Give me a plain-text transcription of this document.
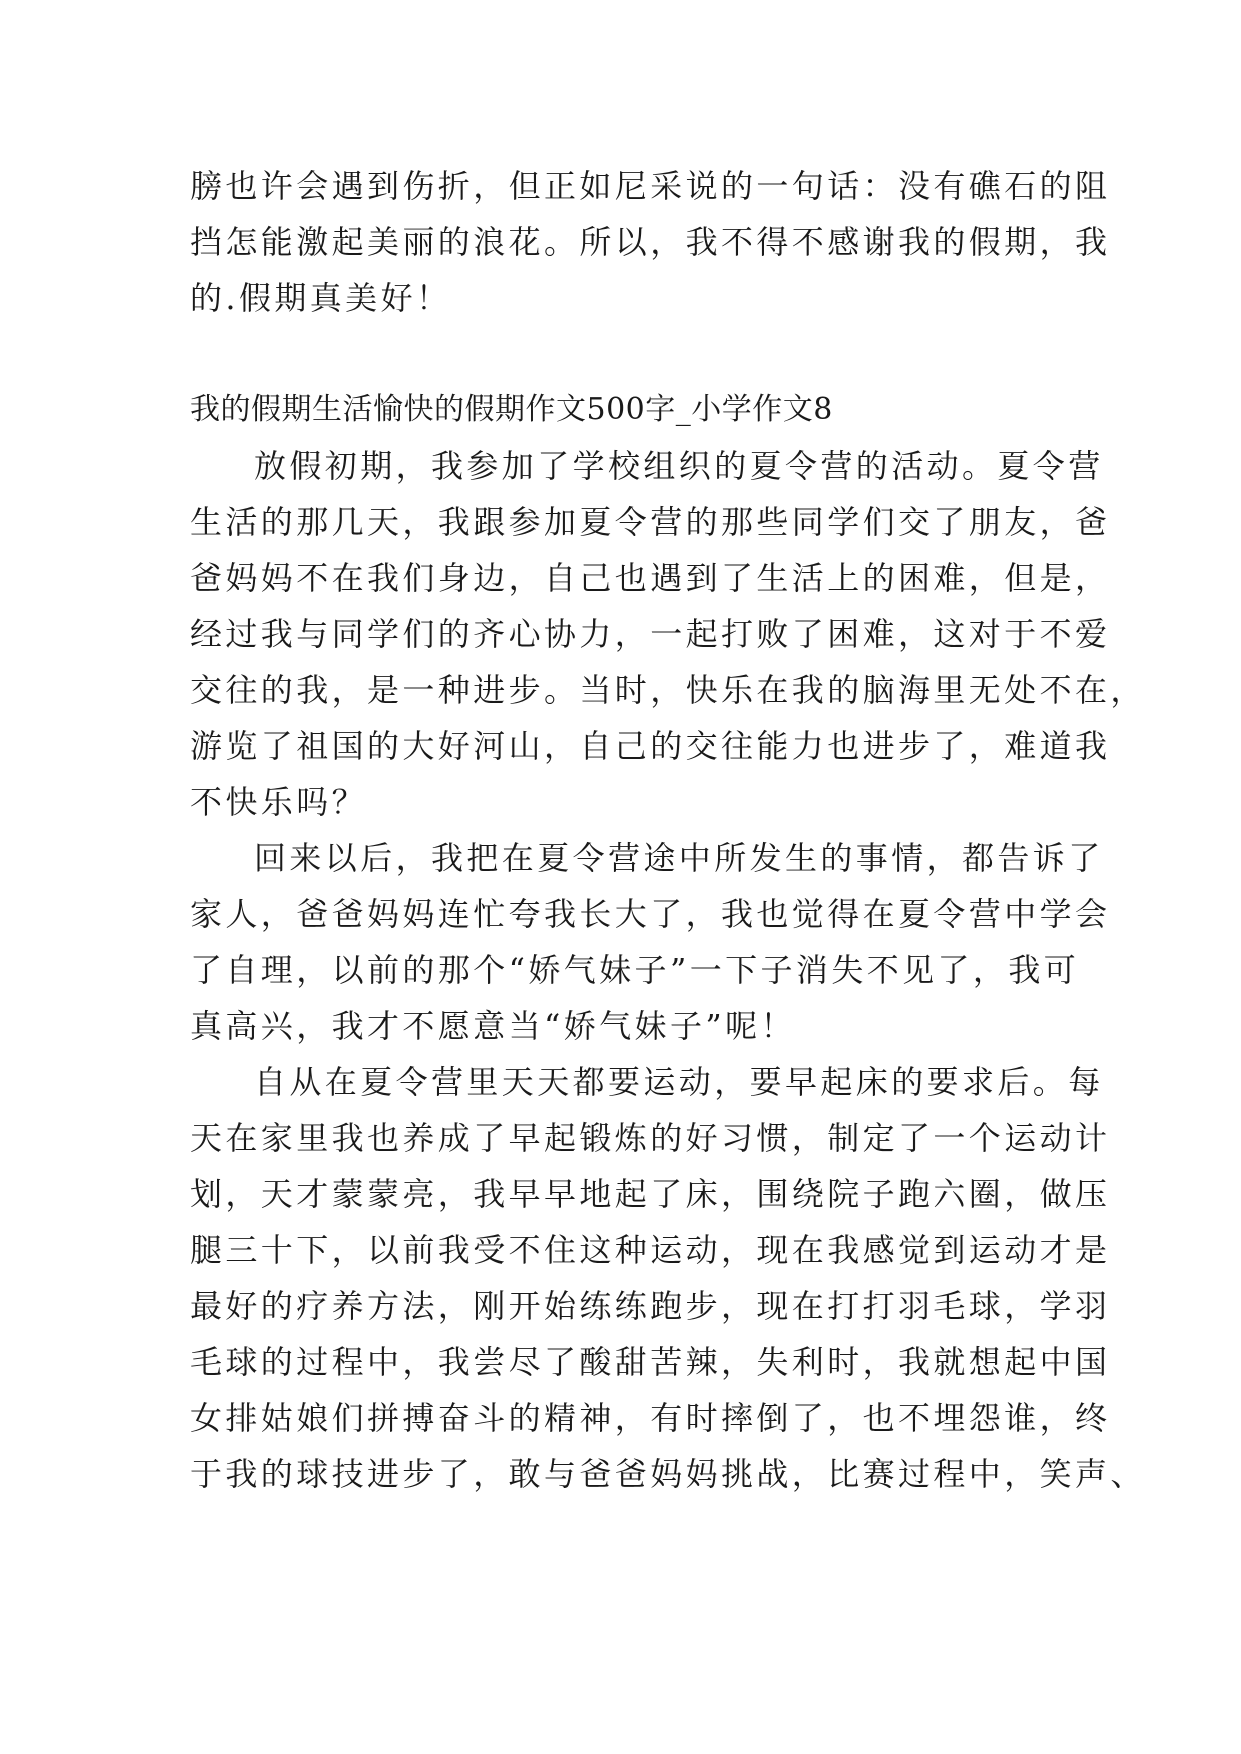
膀也许会遇到伤折，但正如尼采说的一句话：没有礁石的阻
挡怎能激起美丽的浪花。所以，我不得不感谢我的假期，我
的.假期真美好！
我的假期生活愉快的假期作文500字_小学作文8
放假初期，我参加了学校组织的夏令营的活动。夏令营
生活的那几天，我跟参加夏令营的那些同学们交了朋友，爸
爸妈妈不在我们身边，自己也遇到了生活上的困难，但是，
经过我与同学们的齐心协力，一起打败了困难，这对于不爱
交往的我，是一种进步。当时，快乐在我的脑海里无处不在，
游览了祖国的大好河山，自己的交往能力也进步了，难道我
不快乐吗？
回来以后，我把在夏令营途中所发生的事情，都告诉了
家人，爸爸妈妈连忙夸我长大了，我也觉得在夏令营中学会
了自理，以前的那个“娇气妹子”一下子消失不见了，我可
真高兴，我才不愿意当“娇气妹子”呢！
自从在夏令营里天天都要运动，要早起床的要求后。每
天在家里我也养成了早起锻炼的好习惯，制定了一个运动计
划，天才蒙蒙亮，我早早地起了床，围绕院子跑六圈，做压
腿三十下，以前我受不住这种运动，现在我感觉到运动才是
最好的疗养方法，刚开始练练跑步，现在打打羽毛球，学羽
毛球的过程中，我尝尽了酸甜苦辣，失利时，我就想起中国
女排姑娘们拼搏奋斗的精神，有时摔倒了，也不埋怨谁，终
于我的球技进步了，敢与爸爸妈妈挑战，比赛过程中，笑声、
